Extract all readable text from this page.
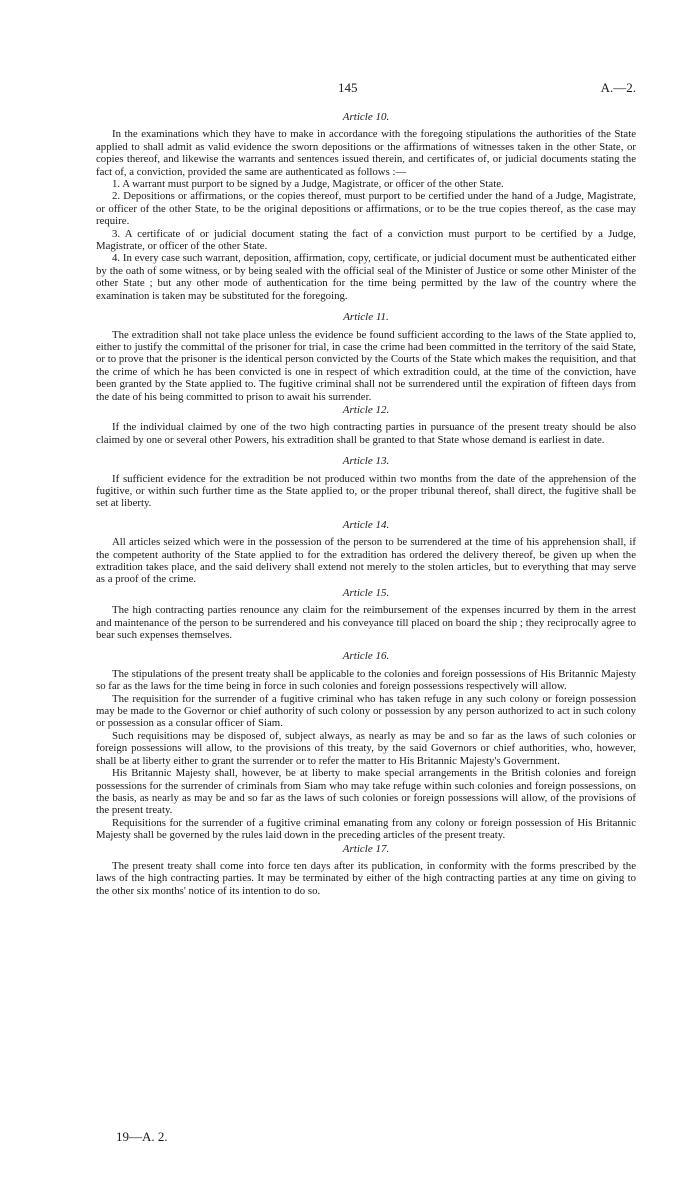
145	A.—2.
Article 10.

In the examinations which they have to make in accordance with the foregoing stipulations the authorities of the State applied to shall admit as valid evidence the sworn depositions or the affirmations of witnesses taken in the other State, or copies thereof, and likewise the warrants and sentences issued therein, and certificates of, or judicial documents stating the fact of, a conviction, provided the same are authenticated as follows :—

1. A warrant must purport to be signed by a Judge, Magistrate, or officer of the other State.

2. Depositions or affirmations, or the copies thereof, must purport to be certified under the hand of a Judge, Magistrate, or officer of the other State, to be the original depositions or affirmations, or to be the true copies thereof, as the case may require.

3. A certificate of or judicial document stating the fact of a conviction must purport to be certified by a Judge, Magistrate, or officer of the other State.

4. In every case such warrant, deposition, affirmation, copy, certificate, or judicial document must be authenticated either by the oath of some witness, or by being sealed with the official seal of the Minister of Justice or some other Minister of the other State ; but any other mode of authentication for the time being permitted by the law of the country where the examination is taken may be substituted for the foregoing.

Article 11.

The extradition shall not take place unless the evidence be found sufficient according to the laws of the State applied to, either to justify the committal of the prisoner for trial, in case the crime had been committed in the territory of the said State, or to prove that the prisoner is the identical person convicted by the Courts of the State which makes the requisition, and that the crime of which he has been convicted is one in respect of which extradition could, at the time of the conviction, have been granted by the State applied to. The fugitive criminal shall not be surrendered until the expiration of fifteen days from the date of his being committed to prison to await his surrender.

Article 12.

If the individual claimed by one of the two high contracting parties in pursuance of the present treaty should be also claimed by one or several other Powers, his extradition shall be granted to that State whose demand is earliest in date.

Article 13.

If sufficient evidence for the extradition be not produced within two months from the date of the apprehension of the fugitive, or within such further time as the State applied to, or the proper tribunal thereof, shall direct, the fugitive shall be set at liberty.

Article 14.

All articles seized which were in the possession of the person to be surrendered at the time of his apprehension shall, if the competent authority of the State applied to for the extradition has ordered the delivery thereof, be given up when the extradition takes place, and the said delivery shall extend not merely to the stolen articles, but to everything that may serve as a proof of the crime.

Article 15.

The high contracting parties renounce any claim for the reimbursement of the expenses incurred by them in the arrest and maintenance of the person to be surrendered and his conveyance till placed on board the ship ; they reciprocally agree to bear such expenses themselves.

Article 16.

The stipulations of the present treaty shall be applicable to the colonies and foreign possessions of His Britannic Majesty so far as the laws for the time being in force in such colonies and foreign possessions respectively will allow.

The requisition for the surrender of a fugitive criminal who has taken refuge in any such colony or foreign possession may be made to the Governor or chief authority of such colony or possession by any person authorized to act in such colony or possession as a consular officer of Siam.

Such requisitions may be disposed of, subject always, as nearly as may be and so far as the laws of such colonies or foreign possessions will allow, to the provisions of this treaty, by the said Governors or chief authorities, who, however, shall be at liberty either to grant the surrender or to refer the matter to His Britannic Majesty's Government.

His Britannic Majesty shall, however, be at liberty to make special arrangements in the British colonies and foreign possessions for the surrender of criminals from Siam who may take refuge within such colonies and foreign possessions, on the basis, as nearly as may be and so far as the laws of such colonies or foreign possessions will allow, of the provisions of the present treaty.

Requisitions for the surrender of a fugitive criminal emanating from any colony or foreign possession of His Britannic Majesty shall be governed by the rules laid down in the preceding articles of the present treaty.

Article 17.

The present treaty shall come into force ten days after its publication, in conformity with the forms prescribed by the laws of the high contracting parties. It may be terminated by either of the high contracting parties at any time on giving to the other six months' notice of its intention to do so.

19—A. 2.
